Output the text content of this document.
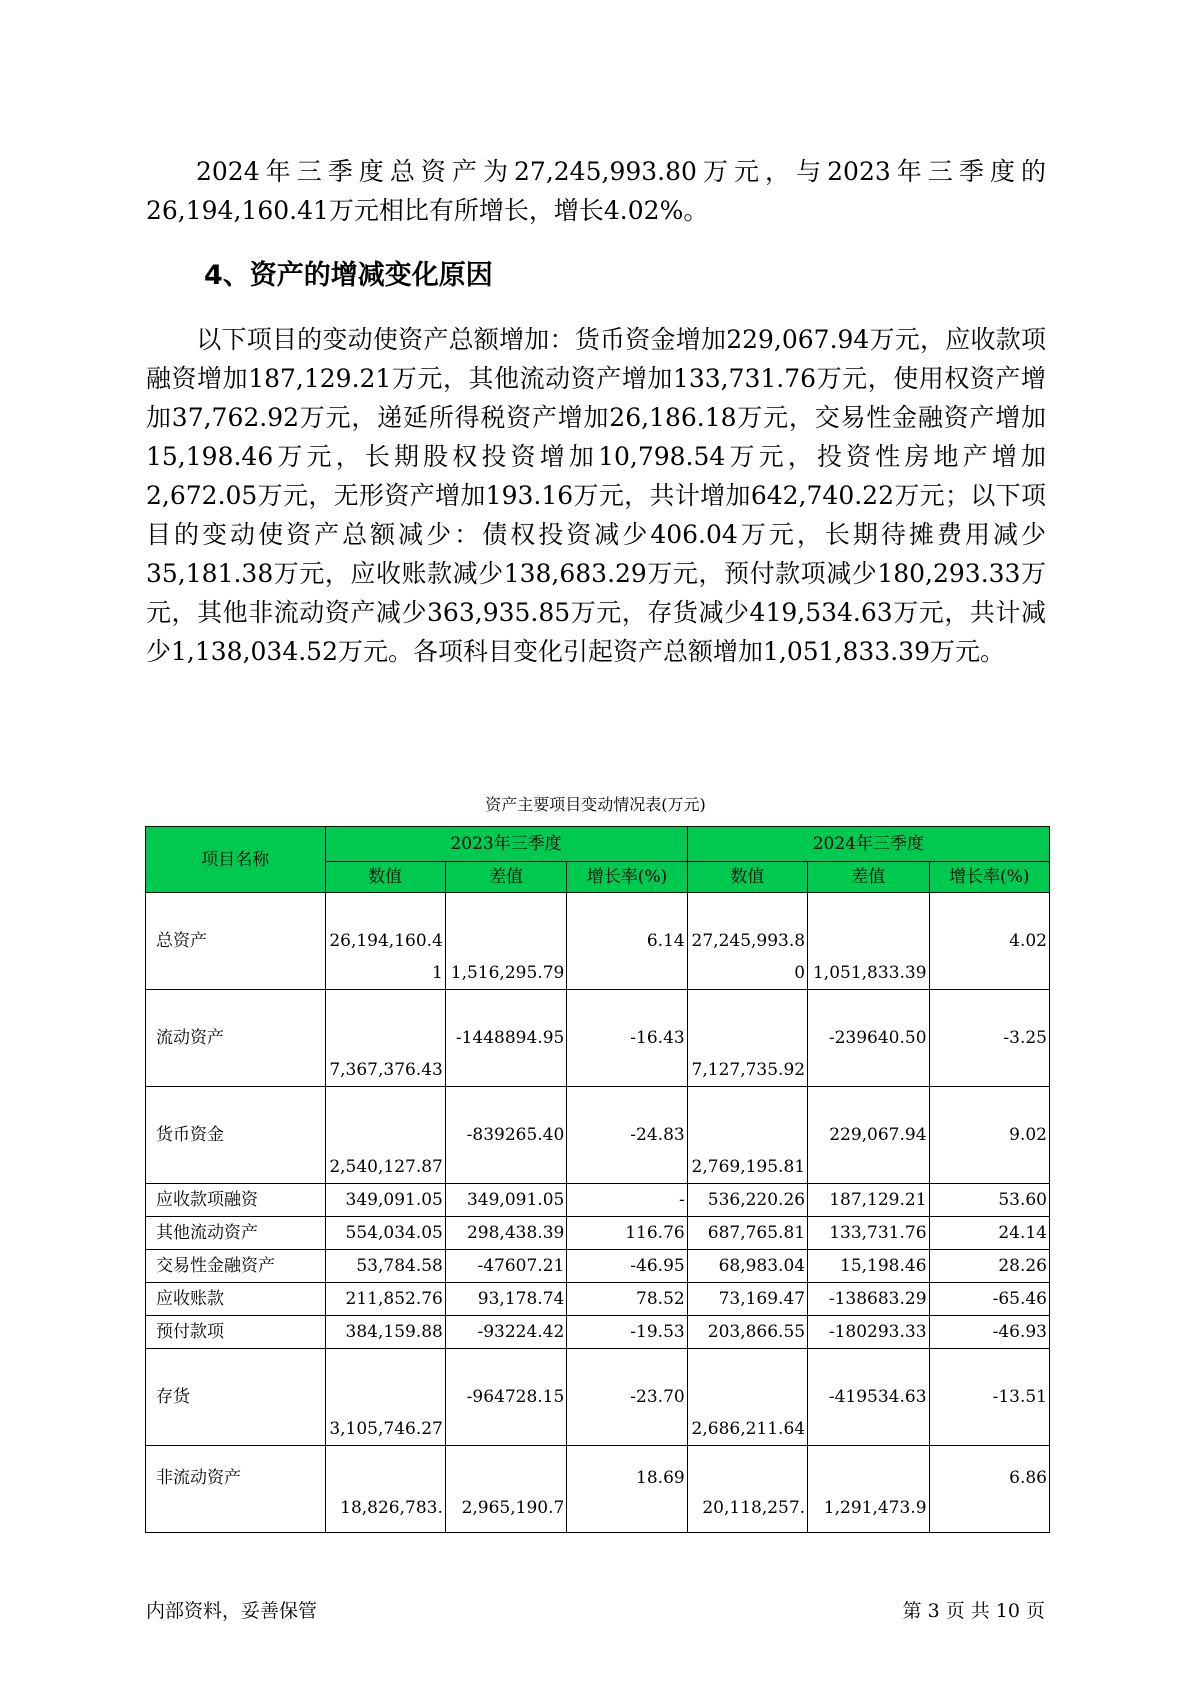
2024年三季度总资产为27,245,993.80万元，与2023年三季度的26,194,160.41万元相比有所增长，增长4.02%。

4、资产的增减变化原因

以下项目的变动使资产总额增加：货币资金增加229,067.94万元，应收款项融资增加187,129.21万元，其他流动资产增加133,731.76万元，使用权资产增加37,762.92万元，递延所得税资产增加26,186.18万元，交易性金融资产增加15,198.46万元，长期股权投资增加10,798.54万元，投资性房地产增加2,672.05万元，无形资产增加193.16万元，共计增加642,740.22万元；以下项目的变动使资产总额减少：债权投资减少406.04万元，长期待摊费用减少35,181.38万元，应收账款减少138,683.29万元，预付款项减少180,293.33万元，其他非流动资产减少363,935.85万元，存货减少419,534.63万元，共计减少1,138,034.52万元。各项科目变化引起资产总额增加1,051,833.39万元。

资产主要项目变动情况表(万元)
项目名称	2023年三季度			2024年三季度		
	数值	差值	增长率(%)	数值	差值	增长率(%)
总资产	26,194,160.41	1,516,295.79	6.14	27,245,993.80	1,051,833.39	4.02
流动资产	7,367,376.43	-1448894.95	-16.43	7,127,735.92	-239640.50	-3.25
货币资金	2,540,127.87	-839265.40	-24.83	2,769,195.81	229,067.94	9.02
应收款项融资	349,091.05	349,091.05	-	536,220.26	187,129.21	53.60
其他流动资产	554,034.05	298,438.39	116.76	687,765.81	133,731.76	24.14
交易性金融资产	53,784.58	-47607.21	-46.95	68,983.04	15,198.46	28.26
应收账款	211,852.76	93,178.74	78.52	73,169.47	-138683.29	-65.46
预付款项	384,159.88	-93224.42	-19.53	203,866.55	-180293.33	-46.93
存货	3,105,746.27	-964728.15	-23.70	2,686,211.64	-419534.63	-13.51
非流动资产	18,826,783.	2,965,190.7	18.69	20,118,257.	1,291,473.9	6.86
内部资料，妥善保管	第 3 页 共 10 页
